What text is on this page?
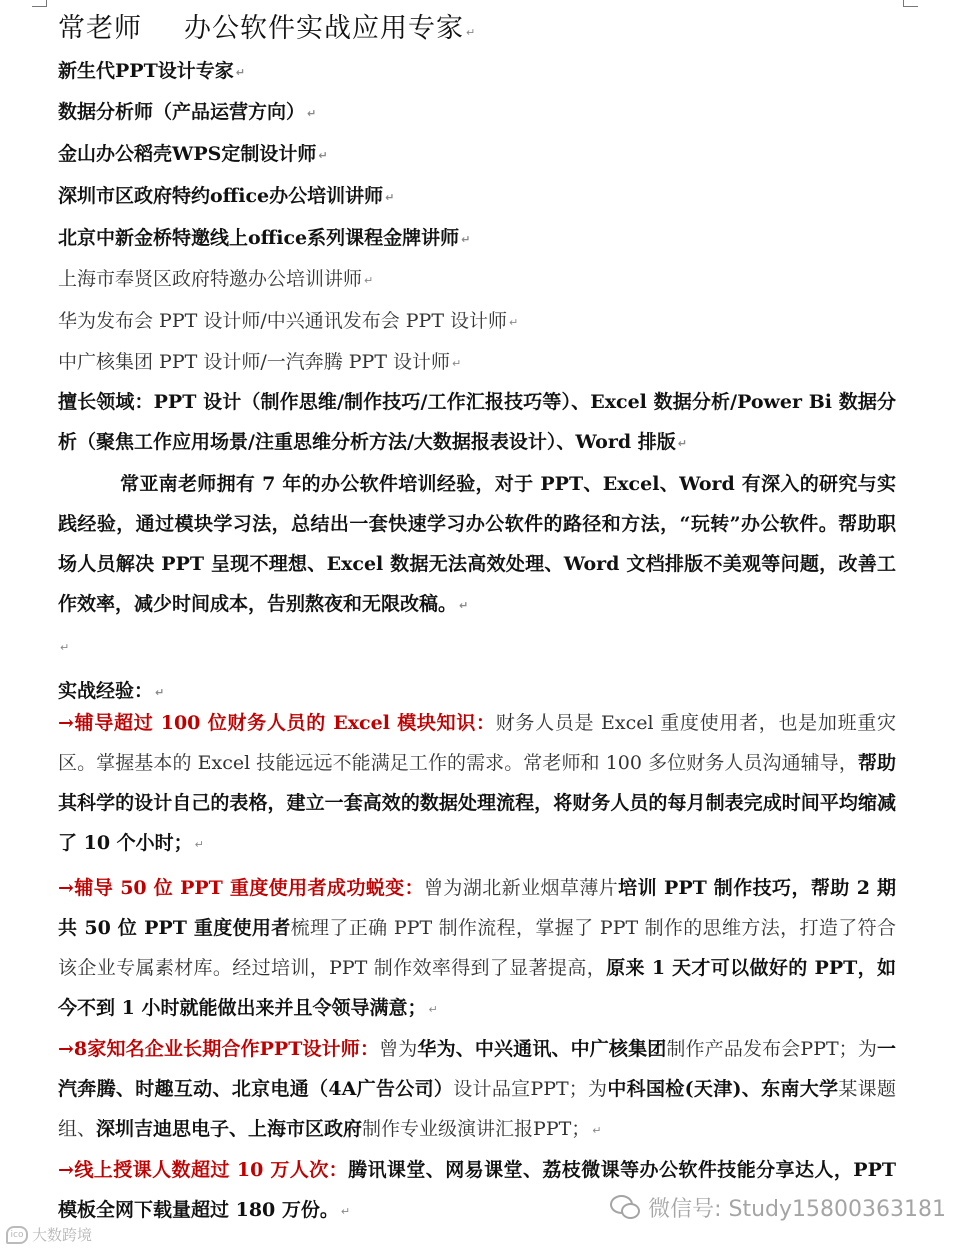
常老师 办公软件实战应用专家 ↵
新生代PPT设计专家 ↵
数据分析师（产品运营方向） ↵
金山办公稻壳WPS定制设计师 ↵
深圳市区政府特约office办公培训讲师 ↵
北京中新金桥特邀线上office系列课程金牌讲师 ↵
上海市奉贤区政府特邀办公培训讲师 ↵
华为发布会 PPT 设计师/中兴通讯发布会 PPT 设计师 ↵
中广核集团 PPT 设计师/一汽奔腾 PPT 设计师 ↵
擅长领域：PPT 设计（制作思维/制作技巧/工作汇报技巧等）、Excel 数据分析/Power Bi 数据分析（聚焦工作应用场景/注重思维分析方法/大数据报表设计）、Word 排版 ↵
常亚南老师拥有 7 年的办公软件培训经验，对于 PPT、Excel、Word 有深入的研究与实践经验，通过模块学习法，总结出一套快速学习办公软件的路径和方法，“玩转”办公软件。帮助职场人员解决 PPT 呈现不理想、Excel 数据无法高效处理、Word 文档排版不美观等问题，改善工作效率，减少时间成本，告别熬夜和无限改稿。 ↵
↵
实战经验： ↵
→辅导超过 100 位财务人员的 Excel 模块知识：财务人员是 Excel 重度使用者，也是加班重灾区。掌握基本的 Excel 技能远远不能满足工作的需求。常老师和 100 多位财务人员沟通辅导，帮助其科学的设计自己的表格，建立一套高效的数据处理流程，将财务人员的每月制表完成时间平均缩减了 10 个小时； ↵
→辅导 50 位 PPT 重度使用者成功蜕变：曾为湖北新业烟草薄片培训 PPT 制作技巧，帮助 2 期共 50 位 PPT 重度使用者梳理了正确 PPT 制作流程，掌握了 PPT 制作的思维方法，打造了符合该企业专属素材库。经过培训，PPT 制作效率得到了显著提高，原来 1 天才可以做好的 PPT，如今不到 1 小时就能做出来并且令领导满意； ↵
→8家知名企业长期合作PPT设计师：曾为华为、中兴通讯、中广核集团制作产品发布会PPT；为一汽奔腾、时趣互动、北京电通（4A广告公司）设计品宣PPT；为中科国检(天津)、东南大学某课题组、深圳吉迪思电子、上海市区政府制作专业级演讲汇报PPT； ↵
→线上授课人数超过 10 万人次：腾讯课堂、网易课堂、荔枝微课等办公软件技能分享达人，PPT 模板全网下载量超过 180 万份。 ↵	微信号: Study15800363181
ico 大数跨境
